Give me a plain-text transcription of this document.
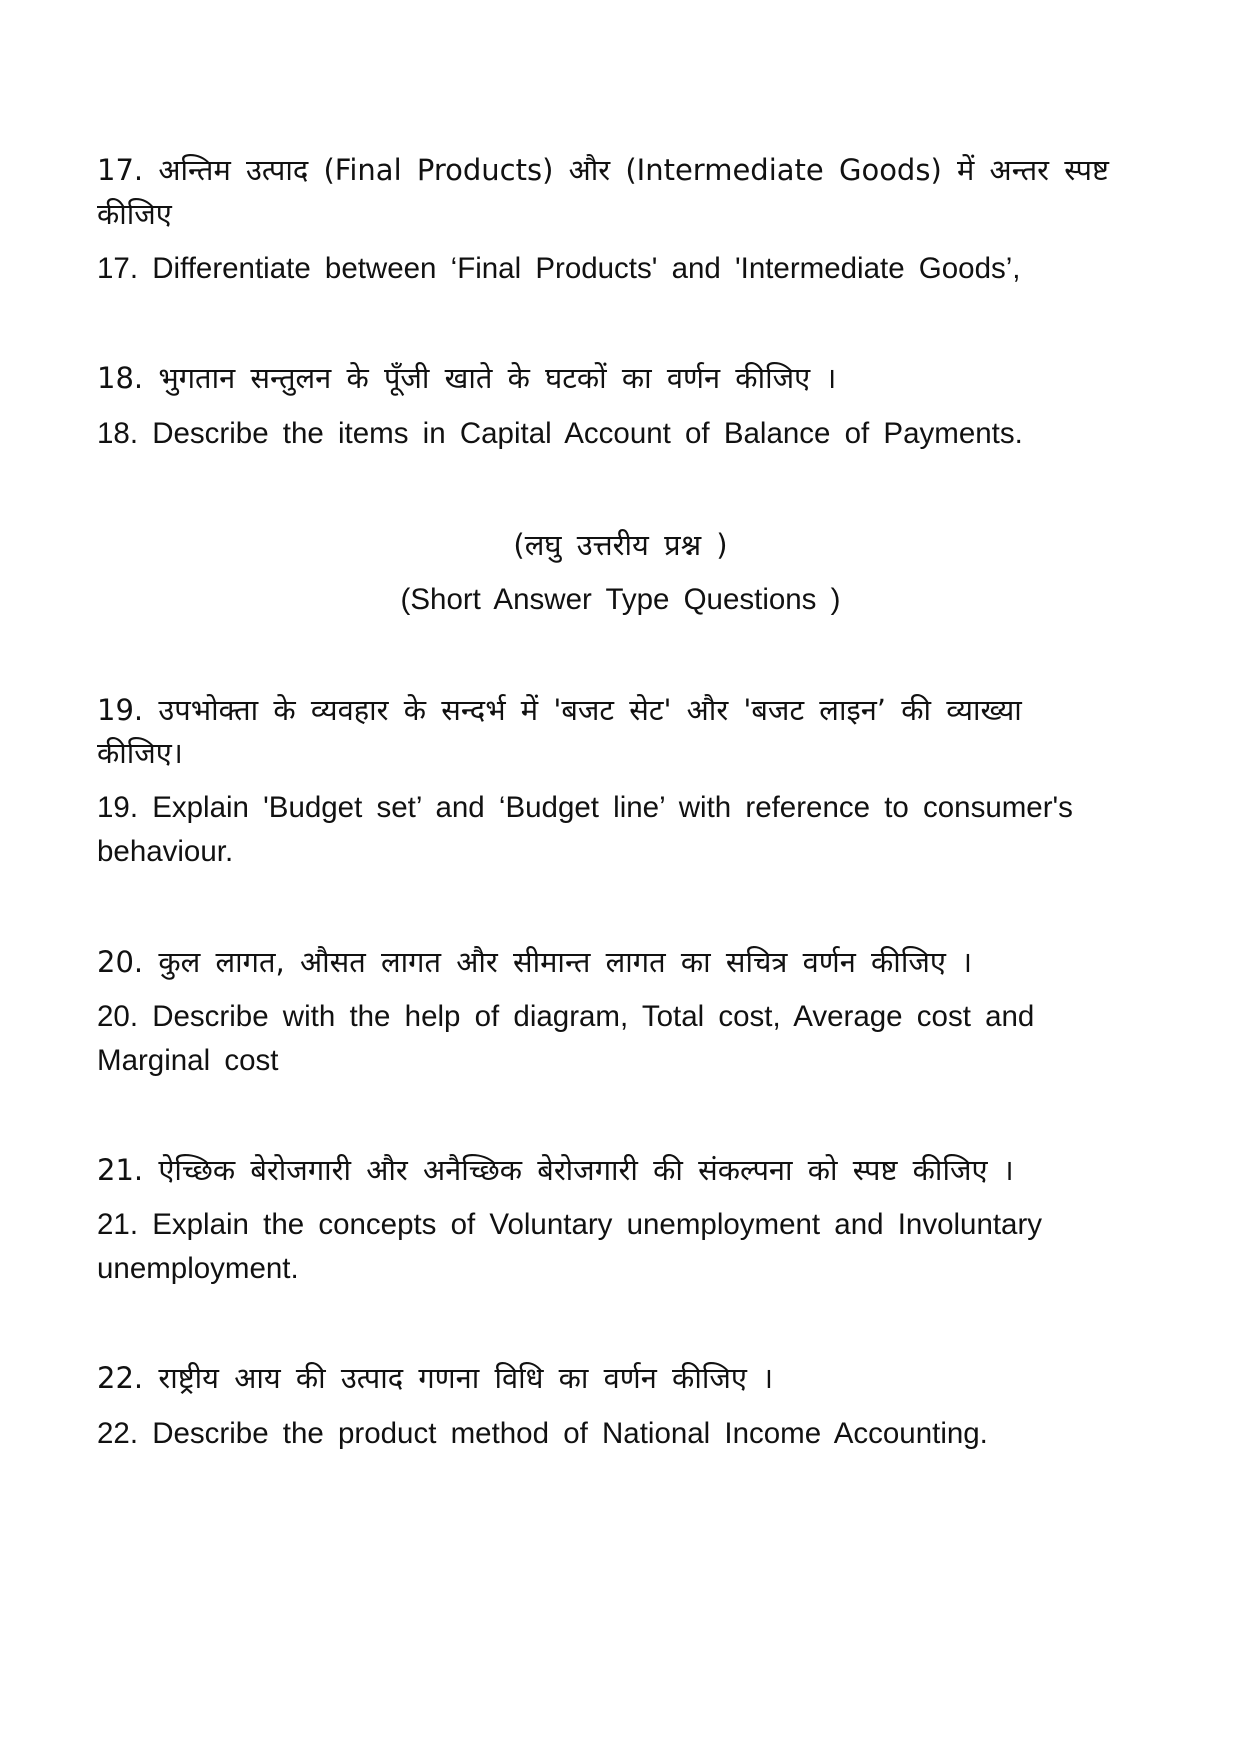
17. अन्तिम उत्पाद (Final Products) और (Intermediate Goods) में अन्तर स्पष्ट
कीजिए
17. Differentiate between ‘Final Products' and 'Intermediate Goods’,
18. भुगतान सन्तुलन के पूँजी खाते के घटकों का वर्णन कीजिए ।
18. Describe the items in Capital Account of Balance of Payments.
(लघु उत्तरीय प्रश्न )
(Short Answer Type Questions )
19. उपभोक्ता के व्यवहार के सन्दर्भ में 'बजट सेट' और 'बजट लाइन’ की व्याख्या
कीजिए।
19. Explain 'Budget set’ and ‘Budget line’ with reference to consumer's
behaviour.
20. कुल लागत, औसत लागत और सीमान्त लागत का सचित्र वर्णन कीजिए ।
20. Describe with the help of diagram, Total cost, Average cost and
Marginal cost
21. ऐच्छिक बेरोजगारी और अनैच्छिक बेरोजगारी की संकल्पना को स्पष्ट कीजिए ।
21. Explain the concepts of Voluntary unemployment and Involuntary
unemployment.
22. राष्ट्रीय आय की उत्पाद गणना विधि का वर्णन कीजिए ।
22. Describe the product method of National Income Accounting.
